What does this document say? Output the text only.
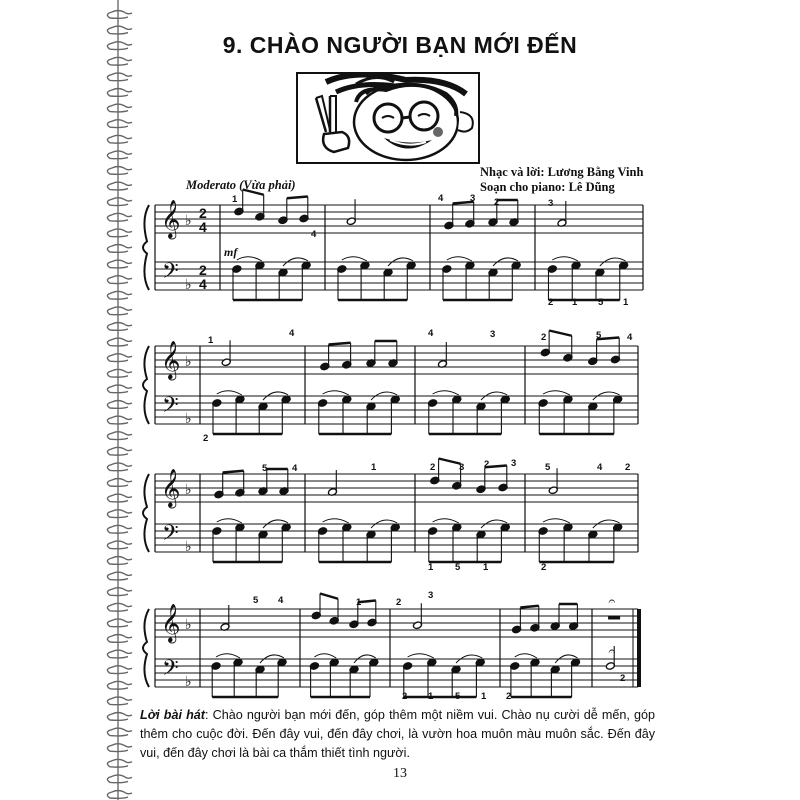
9. CHÀO NGƯỜI BẠN MỚI ĐẾN
Nhạc và lời: Lương Bằng Vinh
Soạn cho piano: Lê Dũng
Moderato (Vừa phải)
𝄞
𝄢
♭
♭
2
4
2
4
mf
𝄞
𝄢
♭
♭
𝄞
𝄢
♭
♭
𝄞
𝄢
♭
♭
𝄐
𝄐
1
4
4	3 2	3
2 1 5 1
1
4	4	3	2	5	4
2
5	4	1	2 3 2 3	5	4 2
1 5 1	2
5 4	1	2
3
2 1 5 1 2
2
Lời bài hát: Chào người bạn mới đến, góp thêm một niềm vui. Chào nụ cười dễ mến, góp thêm cho cuộc đời. Đến đây vui, đến đây chơi, là vườn hoa muôn màu muôn sắc. Đến đây vui, đến đây chơi là bài ca thắm thiết tình người.
13
